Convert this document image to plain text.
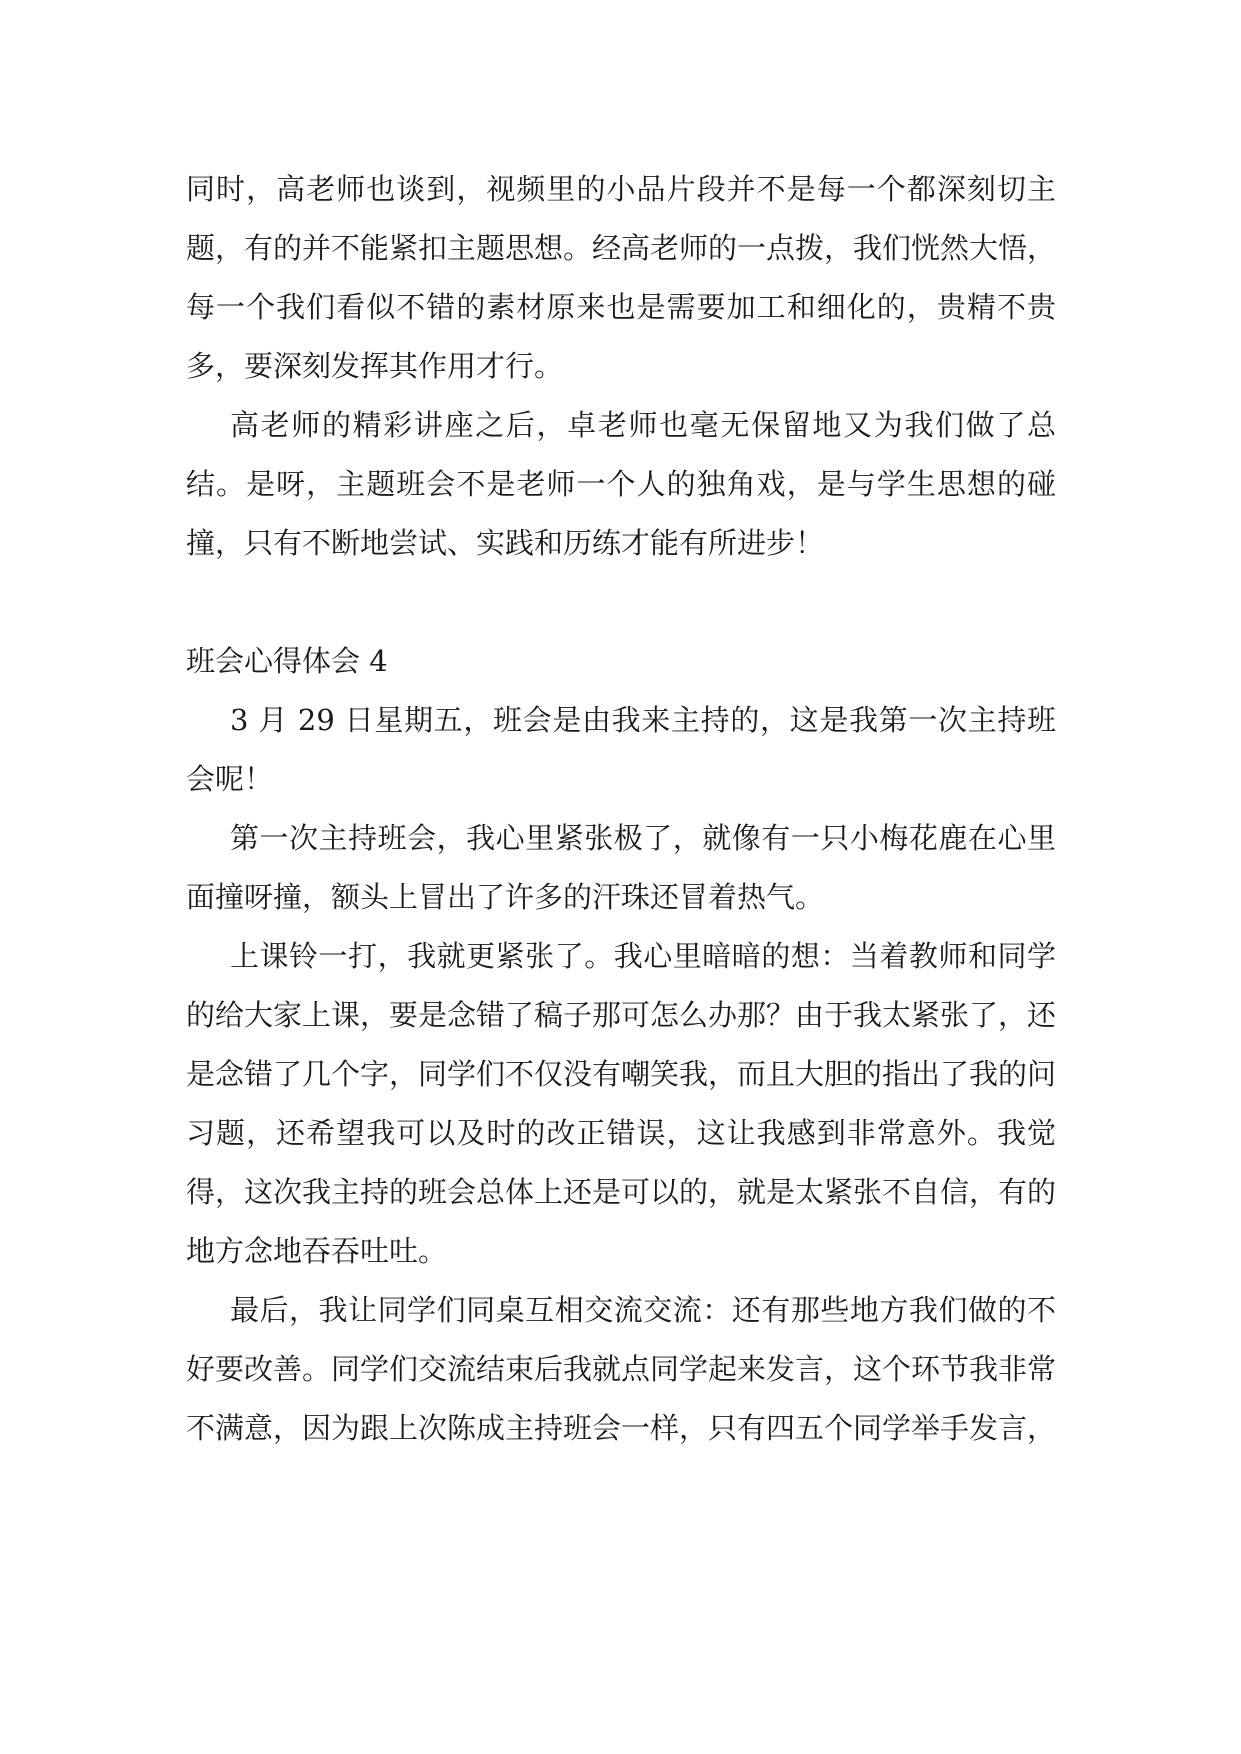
同时，高老师也谈到，视频里的小品片段并不是每一个都深刻切主题，有的并不能紧扣主题思想。经高老师的一点拨，我们恍然大悟，每一个我们看似不错的素材原来也是需要加工和细化的，贵精不贵多，要深刻发挥其作用才行。

高老师的精彩讲座之后，卓老师也毫无保留地又为我们做了总结。是呀，主题班会不是老师一个人的独角戏，是与学生思想的碰撞，只有不断地尝试、实践和历练才能有所进步！

班会心得体会 4

3 月 29 日星期五，班会是由我来主持的，这是我第一次主持班会呢！

第一次主持班会，我心里紧张极了，就像有一只小梅花鹿在心里面撞呀撞，额头上冒出了许多的汗珠还冒着热气。

上课铃一打，我就更紧张了。我心里暗暗的想：当着教师和同学的给大家上课，要是念错了稿子那可怎么办那？由于我太紧张了，还是念错了几个字，同学们不仅没有嘲笑我，而且大胆的指出了我的问习题，还希望我可以及时的改正错误，这让我感到非常意外。我觉得，这次我主持的班会总体上还是可以的，就是太紧张不自信，有的地方念地吞吞吐吐。

最后，我让同学们同桌互相交流交流：还有那些地方我们做的不好要改善。同学们交流结束后我就点同学起来发言，这个环节我非常不满意，因为跟上次陈成主持班会一样，只有四五个同学举手发言，
